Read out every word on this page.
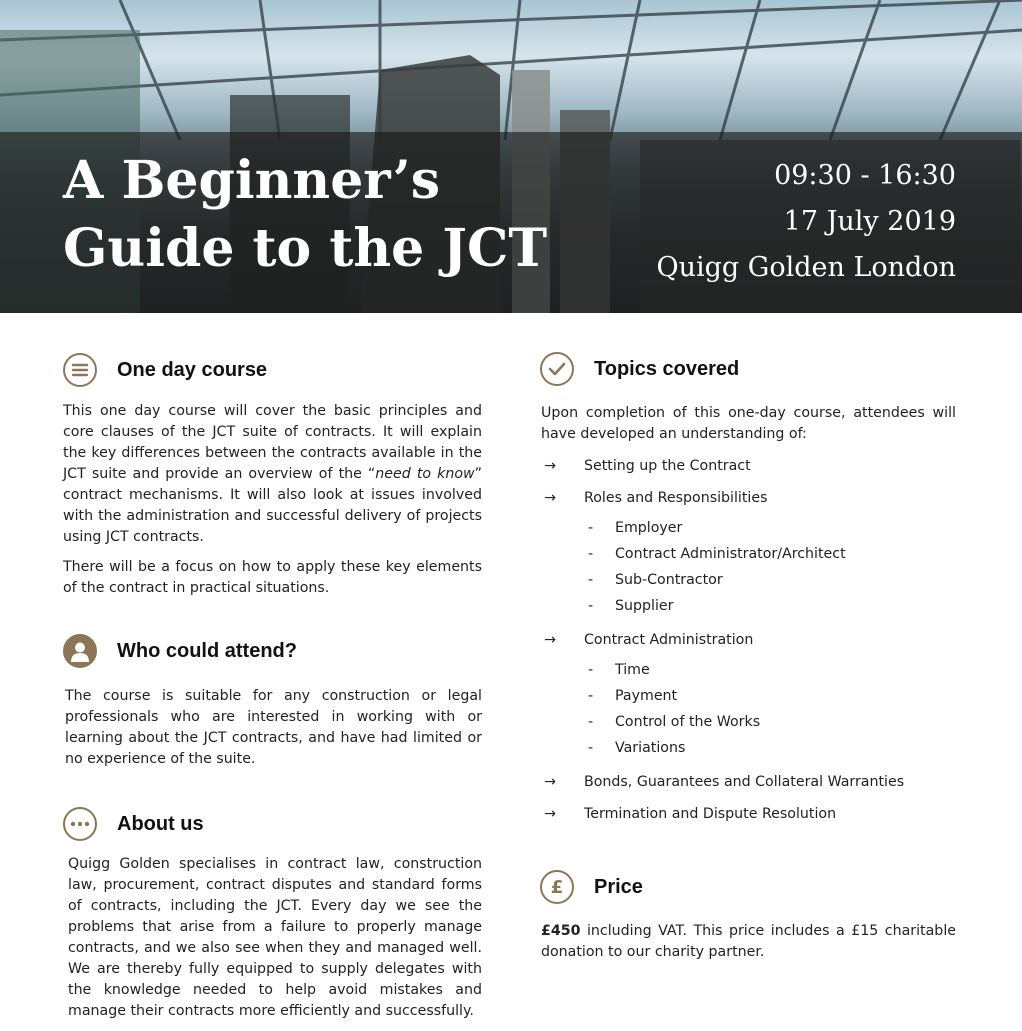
A Beginner’s
Guide to the JCT
09:30 - 16:30
17 July 2019
Quigg Golden London
One day course

This one day course will cover the basic principles and core clauses of the JCT suite of contracts. It will explain the key differences between the contracts available in the JCT suite and provide an overview of the “need to know” contract mechanisms. It will also look at issues involved with the administration and successful delivery of projects using JCT contracts.

There will be a focus on how to apply these key elements of the contract in practical situations.

Who could attend?

The course is suitable for any construction or legal professionals who are interested in working with or learning about the JCT contracts, and have had limited or no experience of the suite.

About us

Quigg Golden specialises in contract law, construction law, procurement, contract disputes and standard forms of contracts, including the JCT. Every day we see the problems that arise from a failure to properly manage contracts, and we also see when they and managed well. We are thereby fully equipped to supply delegates with the knowledge needed to help avoid mistakes and manage their contracts more efficiently and successfully.

Topics covered

Upon completion of this one-day course, attendees will have developed an understanding of:

→ Setting up the Contract
→ Roles and Responsibilities
- Employer
- Contract Administrator/Architect
- Sub-Contractor
- Supplier
→ Contract Administration
- Time
- Payment
- Control of the Works
- Variations
→ Bonds, Guarantees and Collateral Warranties
→ Termination and Dispute Resolution
£ Price

£450 including VAT. This price includes a £15 charitable donation to our charity partner.
